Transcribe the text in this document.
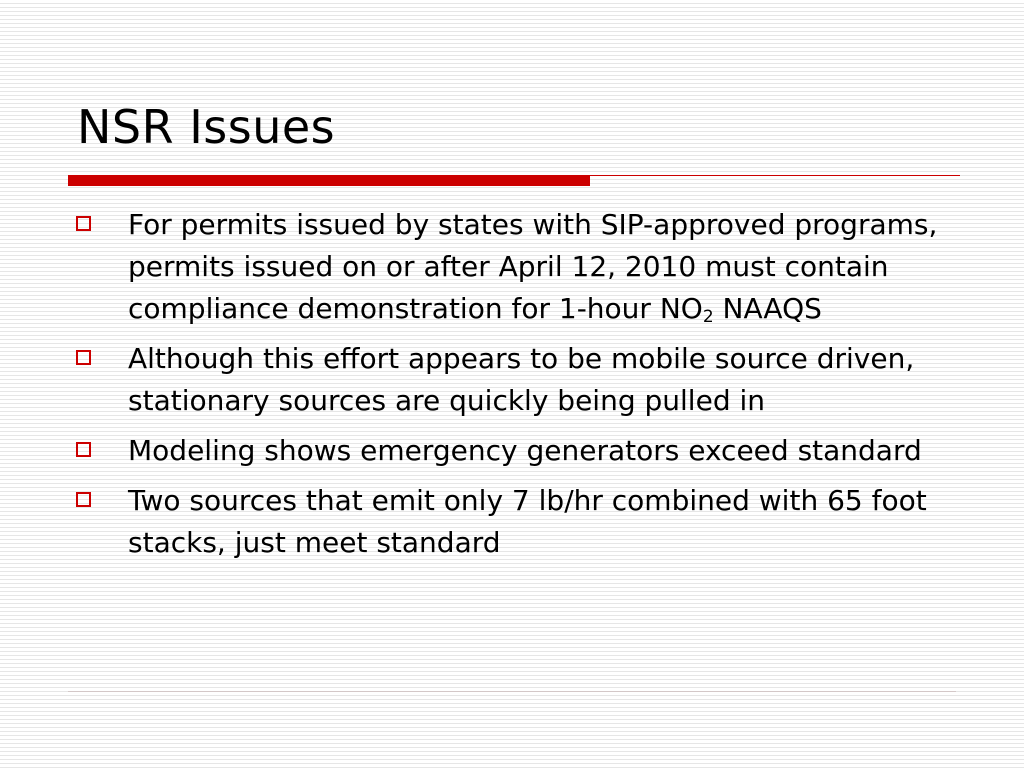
NSR Issues
For permits issued by states with SIP-approved programs, permits issued on or after April 12, 2010 must contain compliance demonstration for 1-hour $NO_2$ NAAQS
Although this effort appears to be mobile source driven, stationary sources are quickly being pulled in
Modeling shows emergency generators exceed standard
Two sources that emit only 7 lb/hr combined with 65 foot stacks, just meet standard
